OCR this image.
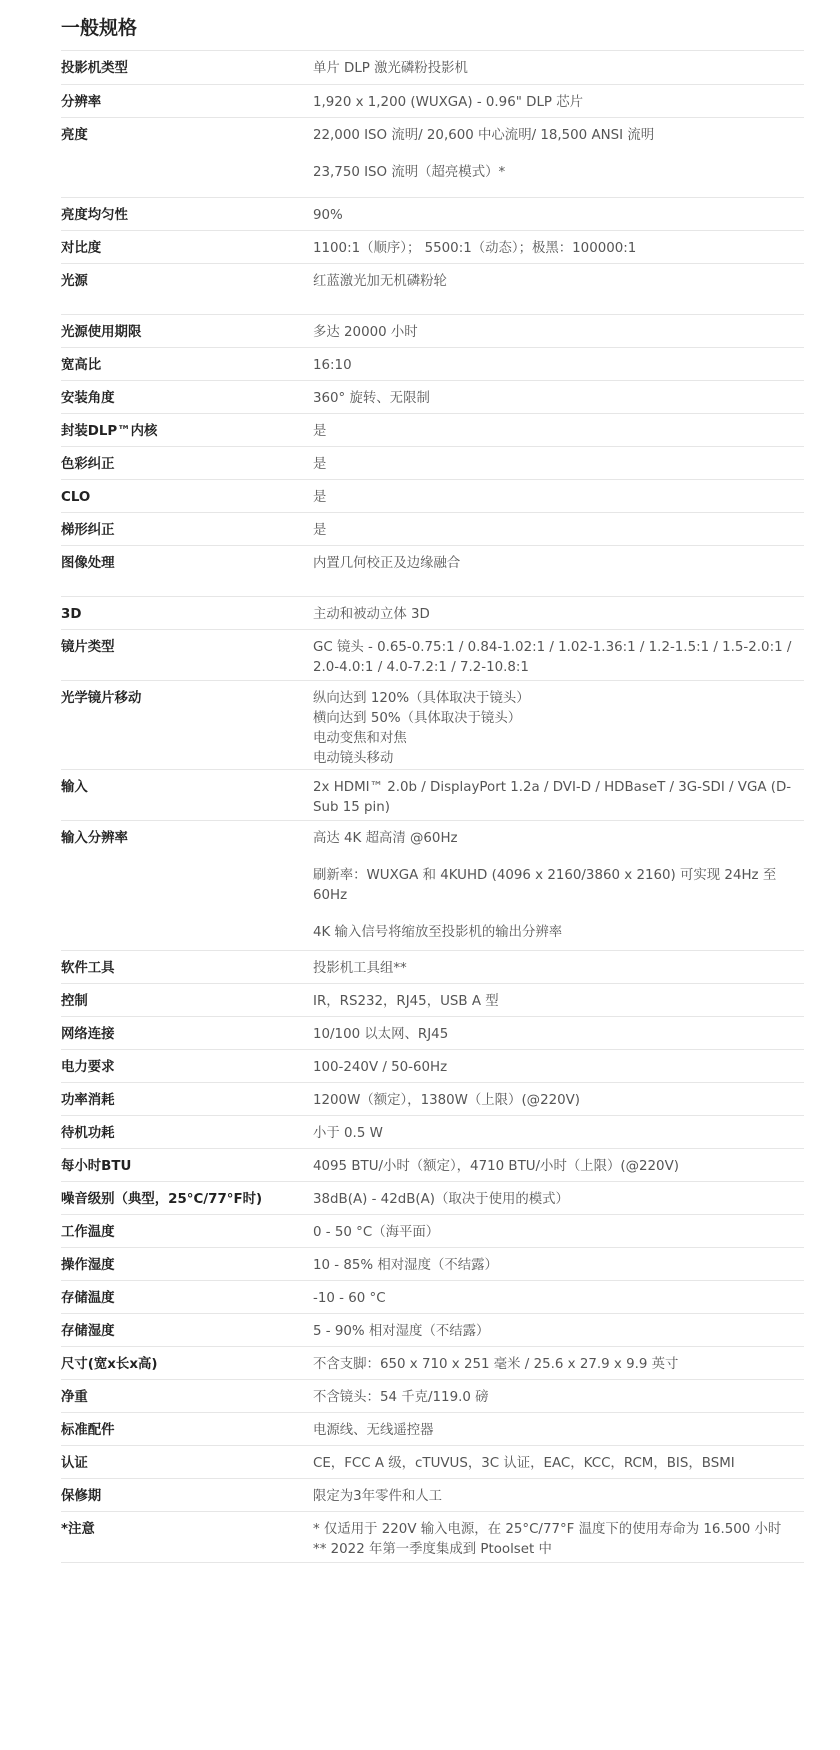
一般规格
投影机类型	单片 DLP 激光磷粉投影机

分辨率	1,920 x 1,200 (WUXGA) - 0.96" DLP 芯片

亮度	22,000 ISO 流明/ 20,600 中心流明/ 18,500 ANSI 流明
23,750 ISO 流明（超亮模式）*

亮度均匀性	90%

对比度	1100:1（顺序）； 5500:1（动态）；极黑：100000:1

光源	红蓝激光加无机磷粉轮

光源使用期限	多达 20000 小时

宽高比	16:10

安装角度	360° 旋转、无限制

封装DLP™内核	是

色彩纠正	是

CLO	是

梯形纠正	是

图像处理	内置几何校正及边缘融合

3D	主动和被动立体 3D

镜片类型	GC 镜头 - 0.65-0.75:1 / 0.84-1.02:1 / 1.02-1.36:1 / 1.2-1.5:1 / 1.5-2.0:1 /
2.0-4.0:1 / 4.0-7.2:1 / 7.2-10.8:1

光学镜片移动	纵向达到 120%（具体取决于镜头）
横向达到 50%（具体取决于镜头）
电动变焦和对焦
电动镜头移动

输入	2x HDMI™ 2.0b / DisplayPort 1.2a / DVI-D / HDBaseT / 3G-SDI / VGA (D-
Sub 15 pin)

输入分辨率	高达 4K 超高清 @60Hz
刷新率：WUXGA 和 4KUHD (4096 x 2160/3860 x 2160) 可实现 24Hz 至
60Hz
4K 输入信号将缩放至投影机的输出分辨率

软件工具	投影机工具组**

控制	IR，RS232，RJ45，USB A 型

网络连接	10/100 以太网、RJ45

电力要求	100-240V / 50-60Hz

功率消耗	1200W（额定），1380W（上限）(@220V)

待机功耗	小于 0.5 W

每小时BTU	4095 BTU/小时（额定），4710 BTU/小时（上限）(@220V)

噪音级别（典型，25°C/77°F时)	38dB(A) - 42dB(A)（取决于使用的模式）

工作温度	0 - 50 °C（海平面）

操作湿度	10 - 85% 相对湿度（不结露）

存储温度	-10 - 60 °C

存储湿度	5 - 90% 相对湿度（不结露）

尺寸(宽x长x高)	不含支脚：650 x 710 x 251 毫米 / 25.6 x 27.9 x 9.9 英寸

净重	不含镜头：54 千克/119.0 磅

标准配件	电源线、无线遥控器

认证	CE，FCC A 级，cTUVUS，3C 认证，EAC，KCC，RCM，BIS，BSMI

保修期	限定为3年零件和人工

*注意	* 仅适用于 220V 输入电源，在 25°C/77°F 温度下的使用寿命为 16.500 小时
** 2022 年第一季度集成到 Ptoolset 中
